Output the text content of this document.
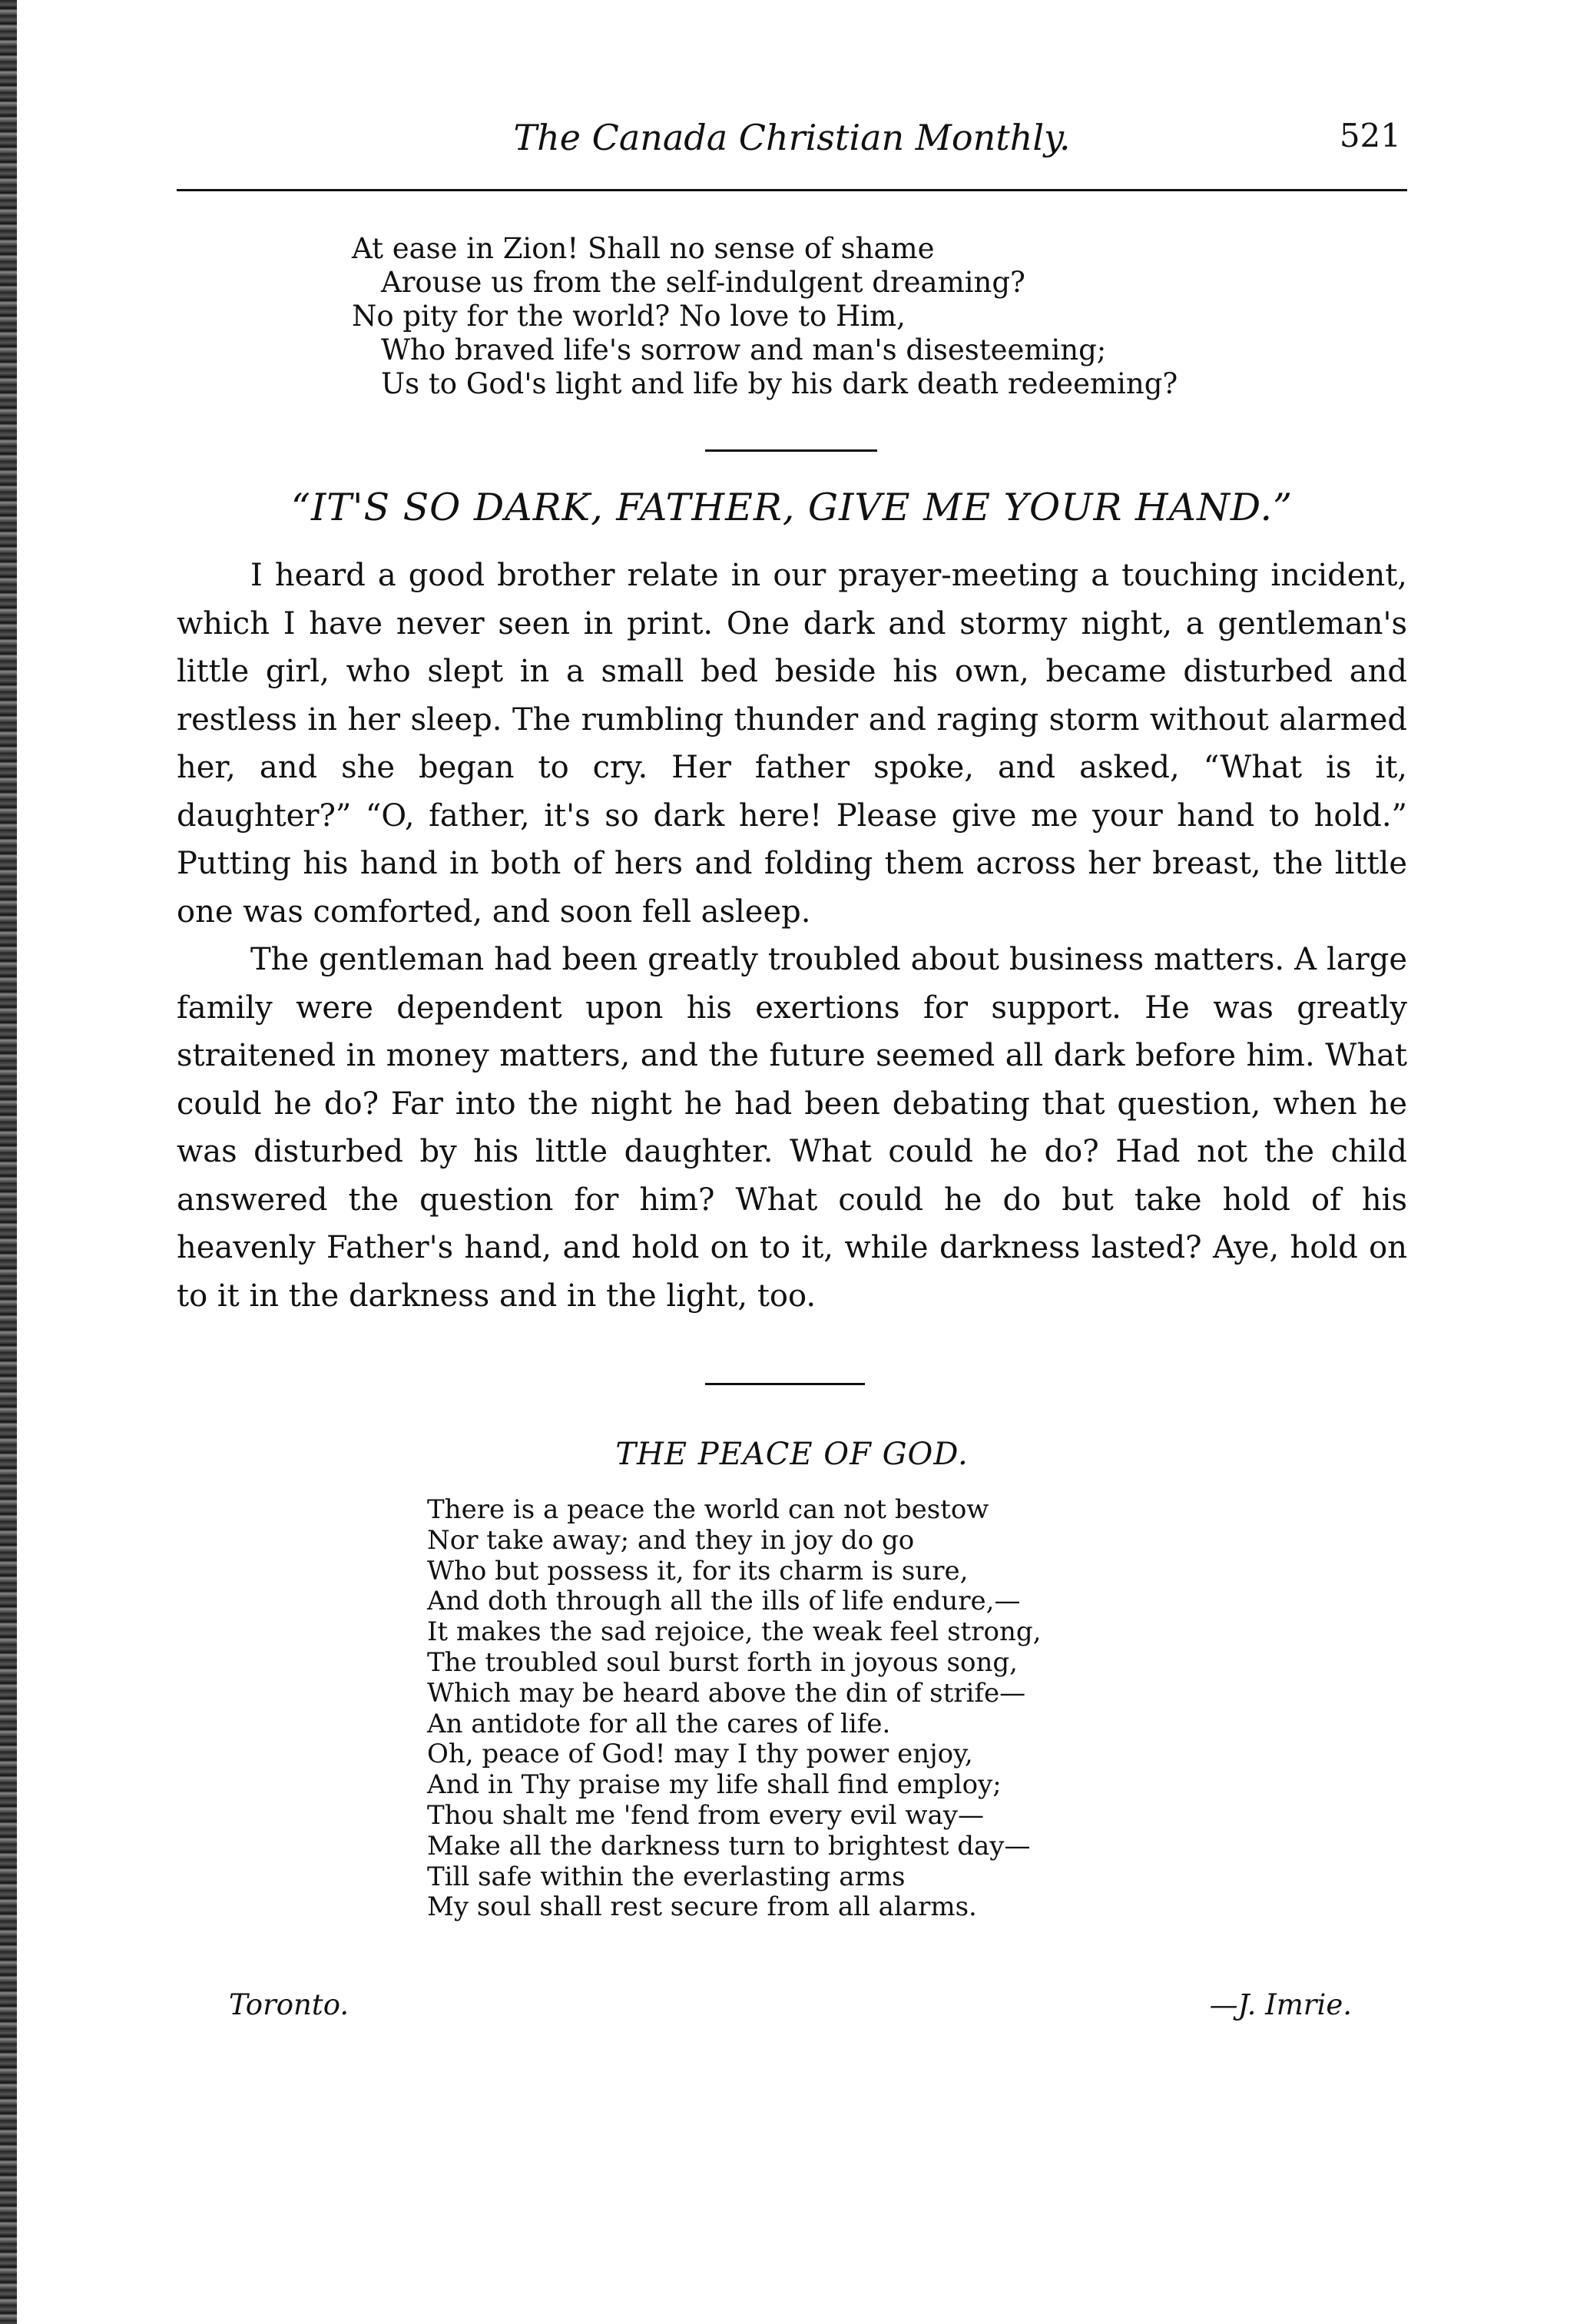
The Canada Christian Monthly.	521
At ease in Zion! Shall no sense of shame
Arouse us from the self-indulgent dreaming?
No pity for the world? No love to Him,
Who braved life's sorrow and man's disesteeming;
Us to God's light and life by his dark death redeeming?
“IT'S SO DARK, FATHER, GIVE ME YOUR HAND.”

I heard a good brother relate in our prayer-meeting a touching incident, which I have never seen in print. One dark and stormy night, a gentleman's little girl, who slept in a small bed beside his own, became disturbed and restless in her sleep. The rumbling thunder and raging storm without alarmed her, and she began to cry. Her father spoke, and asked, “What is it, daughter?” “O, father, it's so dark here! Please give me your hand to hold.” Putting his hand in both of hers and folding them across her breast, the little one was comforted, and soon fell asleep.

The gentleman had been greatly troubled about business matters. A large family were dependent upon his exertions for support. He was greatly straitened in money matters, and the future seemed all dark before him. What could he do? Far into the night he had been debating that question, when he was disturbed by his little daughter. What could he do? Had not the child answered the question for him? What could he do but take hold of his heavenly Father's hand, and hold on to it, while darkness lasted? Aye, hold on to it in the darkness and in the light, too.

THE PEACE OF GOD.
There is a peace the world can not bestow
Nor take away; and they in joy do go
Who but possess it, for its charm is sure,
And doth through all the ills of life endure,—
It makes the sad rejoice, the weak feel strong,
The troubled soul burst forth in joyous song,
Which may be heard above the din of strife—
An antidote for all the cares of life.
Oh, peace of God! may I thy power enjoy,
And in Thy praise my life shall find employ;
Thou shalt me 'fend from every evil way—
Make all the darkness turn to brightest day—
Till safe within the everlasting arms
My soul shall rest secure from all alarms.
Toronto.	—J. Imrie.
